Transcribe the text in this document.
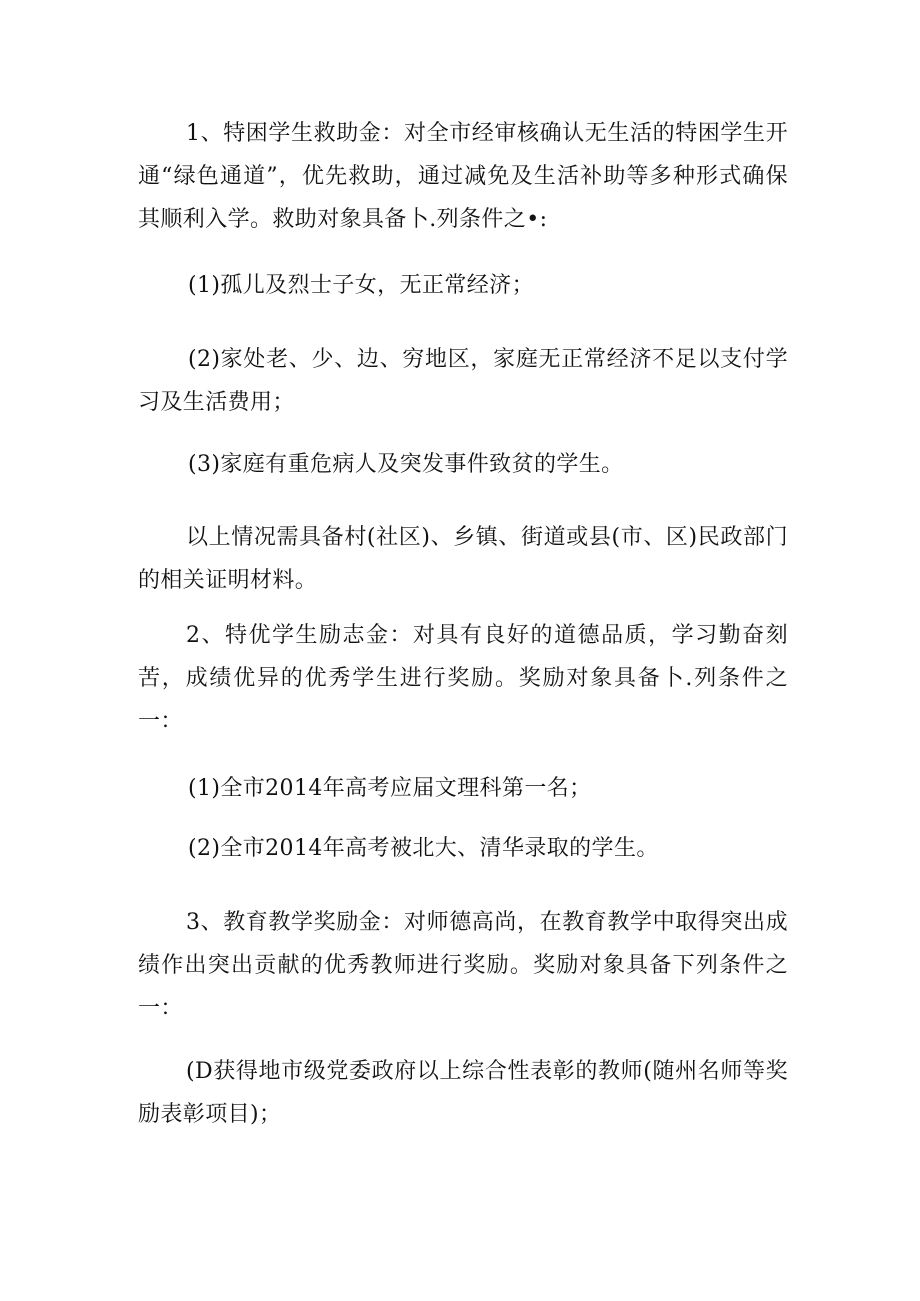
1、特困学生救助金：对全市经审核确认无生活的特困学生开通“绿色通道”，优先救助，通过减免及生活补助等多种形式确保其顺利入学。救助对象具备卜.列条件之•:

(1)孤儿及烈士子女，无正常经济；

(2)家处老、少、边、穷地区，家庭无正常经济不足以支付学习及生活费用；

(3)家庭有重危病人及突发事件致贫的学生。

以上情况需具备村(社区)、乡镇、街道或县(市、区)民政部门的相关证明材料。

2、特优学生励志金：对具有良好的道德品质，学习勤奋刻苦，成绩优异的优秀学生进行奖励。奖励对象具备卜.列条件之一：

(1)全市2014年高考应届文理科第一名；

(2)全市2014年高考被北大、清华录取的学生。

3、教育教学奖励金：对师德高尚，在教育教学中取得突出成绩作出突出贡献的优秀教师进行奖励。奖励对象具备下列条件之一：

(D获得地市级党委政府以上综合性表彰的教师(随州名师等奖励表彰项目)；
